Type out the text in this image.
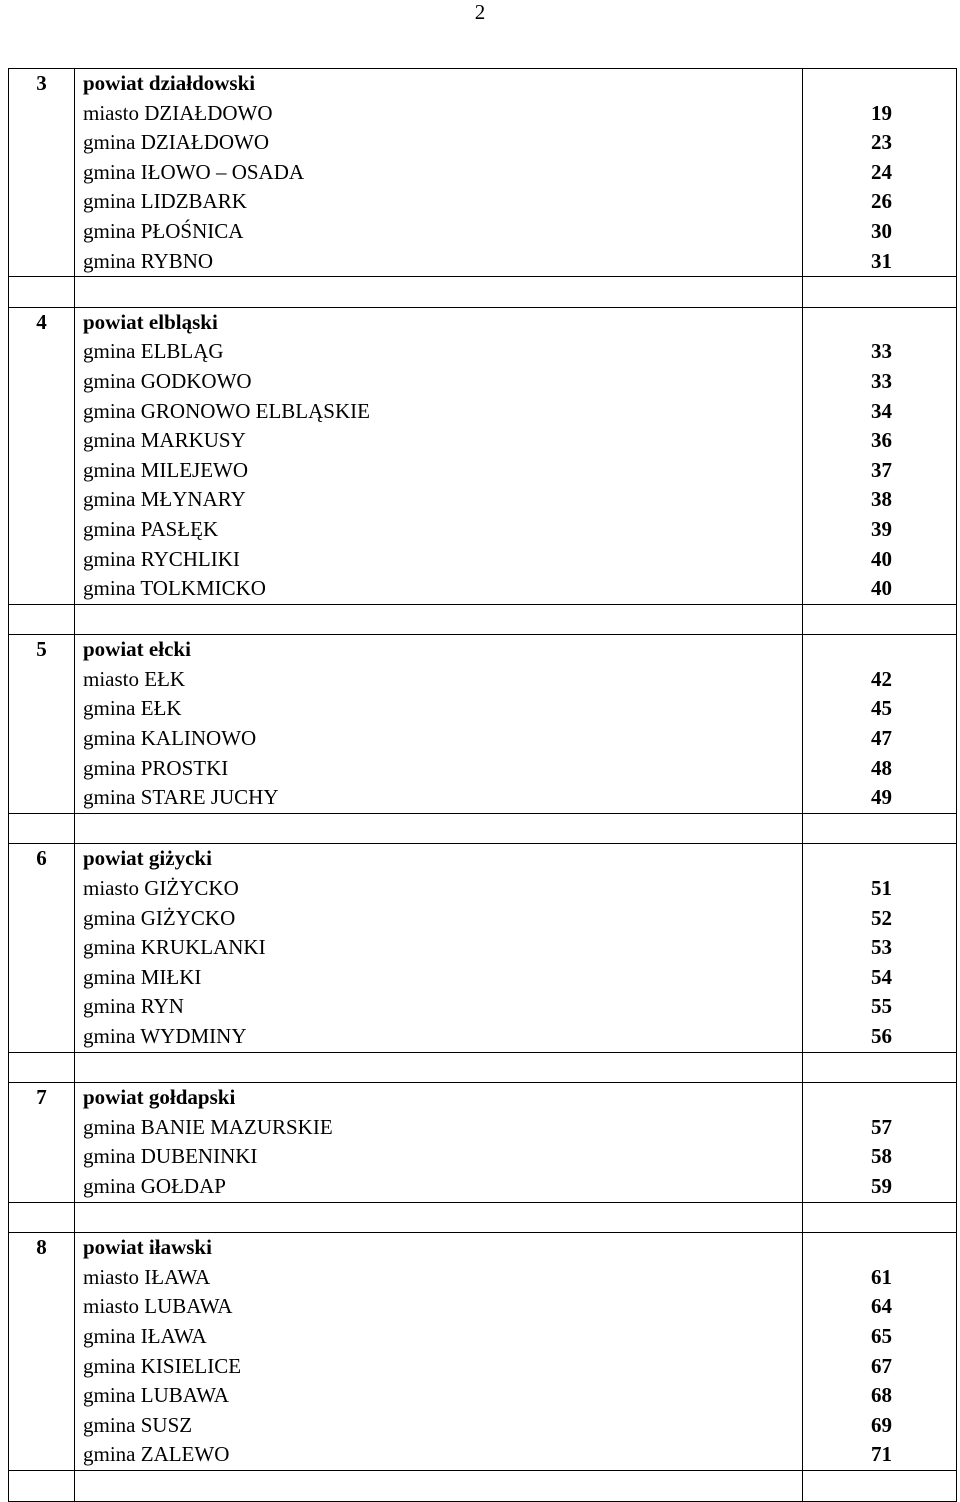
2
3	powiat działdowski	
	miasto DZIAŁDOWO	19
	gmina DZIAŁDOWO	23
	gmina IŁOWO – OSADA	24
	gmina LIDZBARK	26
	gmina PŁOŚNICA	30
	gmina RYBNO	31

4	powiat elbląski	
	gmina ELBLĄG	33
	gmina GODKOWO	33
	gmina GRONOWO ELBLĄSKIE	34
	gmina MARKUSY	36
	gmina MILEJEWO	37
	gmina MŁYNARY	38
	gmina PASŁĘK	39
	gmina RYCHLIKI	40
	gmina TOLKMICKO	40

5	powiat ełcki	
	miasto EŁK	42
	gmina EŁK	45
	gmina KALINOWO	47
	gmina PROSTKI	48
	gmina STARE JUCHY	49

6	powiat giżycki	
	miasto GIŻYCKO	51
	gmina GIŻYCKO	52
	gmina KRUKLANKI	53
	gmina MIŁKI	54
	gmina RYN	55
	gmina WYDMINY	56

7	powiat gołdapski	
	gmina BANIE MAZURSKIE	57
	gmina DUBENINKI	58
	gmina GOŁDAP	59

8	powiat iławski	
	miasto IŁAWA	61
	miasto LUBAWA	64
	gmina IŁAWA	65
	gmina KISIELICE	67
	gmina LUBAWA	68
	gmina SUSZ	69
	gmina ZALEWO	71
